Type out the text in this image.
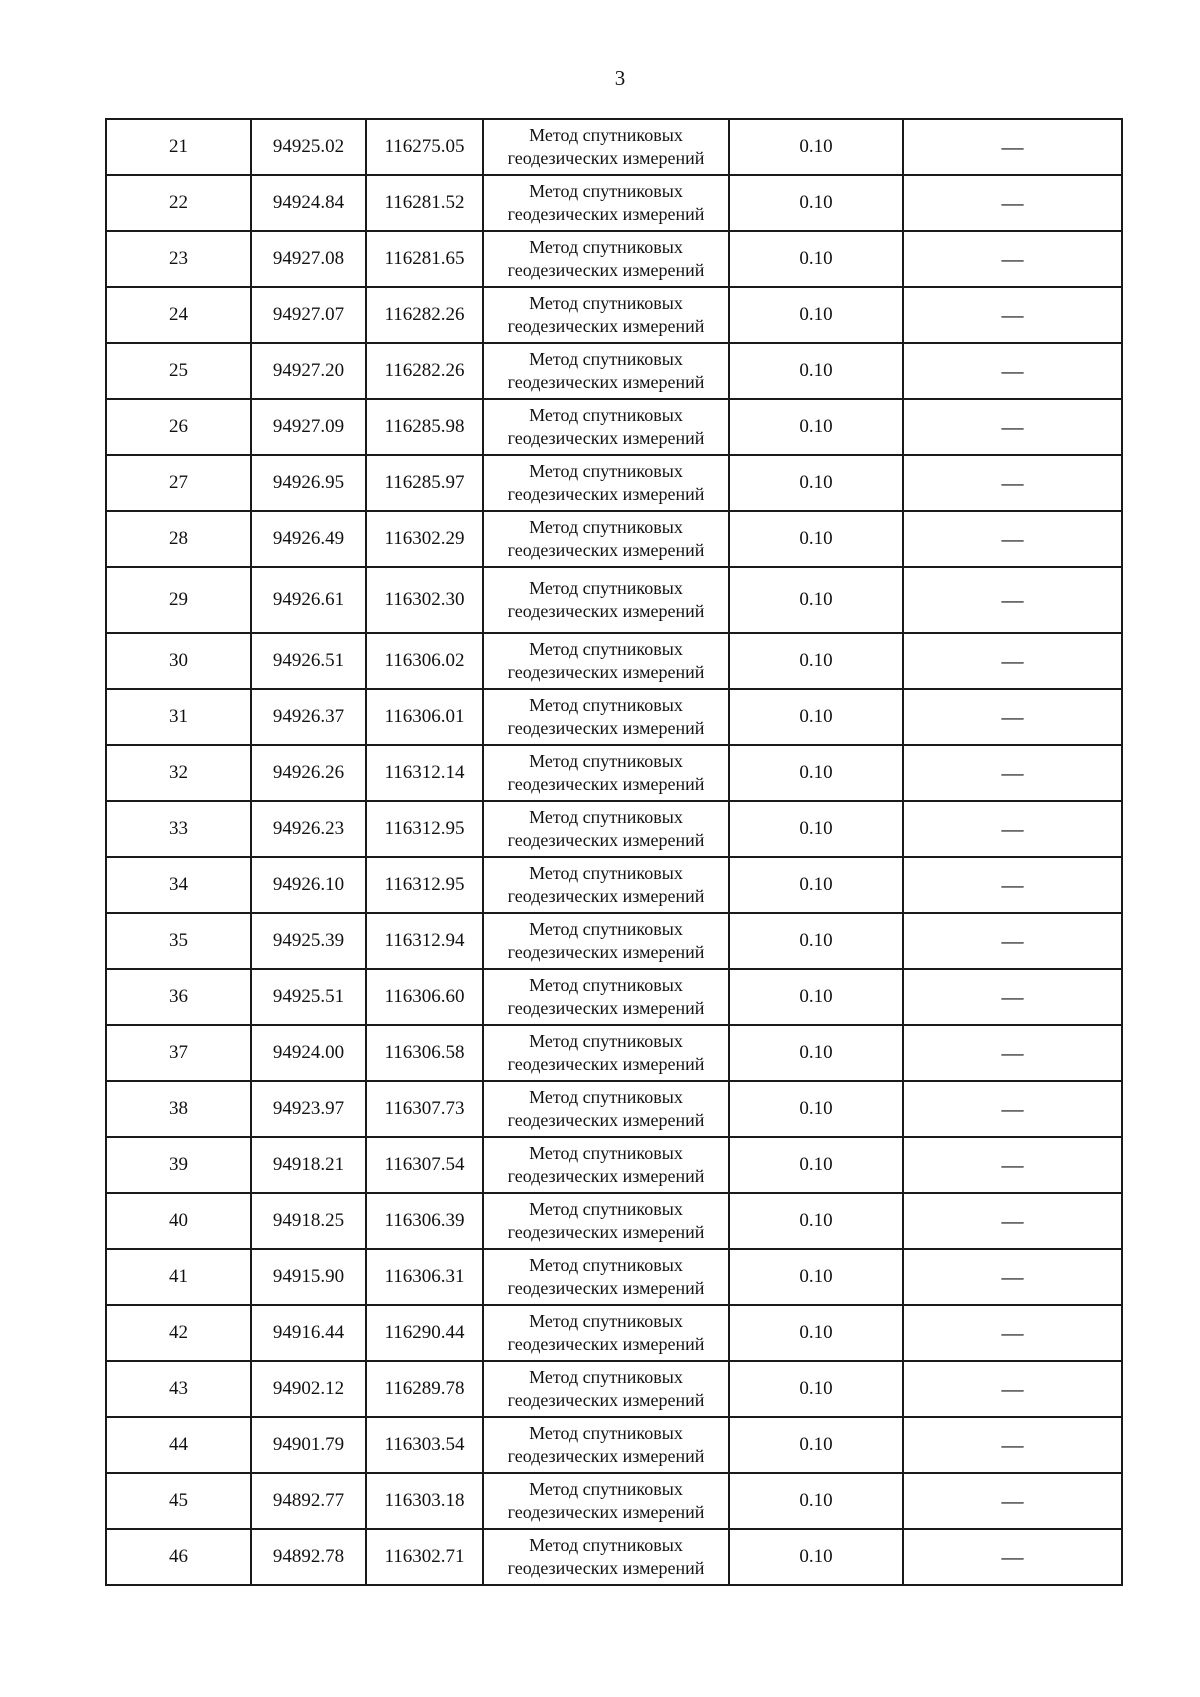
3
21	94925.02	116275.05	Метод спутниковых
геодезических измерений	0.10	—
22	94924.84	116281.52	Метод спутниковых
геодезических измерений	0.10	—
23	94927.08	116281.65	Метод спутниковых
геодезических измерений	0.10	—
24	94927.07	116282.26	Метод спутниковых
геодезических измерений	0.10	—
25	94927.20	116282.26	Метод спутниковых
геодезических измерений	0.10	—
26	94927.09	116285.98	Метод спутниковых
геодезических измерений	0.10	—
27	94926.95	116285.97	Метод спутниковых
геодезических измерений	0.10	—
28	94926.49	116302.29	Метод спутниковых
геодезических измерений	0.10	—
29	94926.61	116302.30	Метод спутниковых
геодезических измерений	0.10	—
30	94926.51	116306.02	Метод спутниковых
геодезических измерений	0.10	—
31	94926.37	116306.01	Метод спутниковых
геодезических измерений	0.10	—
32	94926.26	116312.14	Метод спутниковых
геодезических измерений	0.10	—
33	94926.23	116312.95	Метод спутниковых
геодезических измерений	0.10	—
34	94926.10	116312.95	Метод спутниковых
геодезических измерений	0.10	—
35	94925.39	116312.94	Метод спутниковых
геодезических измерений	0.10	—
36	94925.51	116306.60	Метод спутниковых
геодезических измерений	0.10	—
37	94924.00	116306.58	Метод спутниковых
геодезических измерений	0.10	—
38	94923.97	116307.73	Метод спутниковых
геодезических измерений	0.10	—
39	94918.21	116307.54	Метод спутниковых
геодезических измерений	0.10	—
40	94918.25	116306.39	Метод спутниковых
геодезических измерений	0.10	—
41	94915.90	116306.31	Метод спутниковых
геодезических измерений	0.10	—
42	94916.44	116290.44	Метод спутниковых
геодезических измерений	0.10	—
43	94902.12	116289.78	Метод спутниковых
геодезических измерений	0.10	—
44	94901.79	116303.54	Метод спутниковых
геодезических измерений	0.10	—
45	94892.77	116303.18	Метод спутниковых
геодезических измерений	0.10	—
46	94892.78	116302.71	Метод спутниковых
геодезических измерений	0.10	—
